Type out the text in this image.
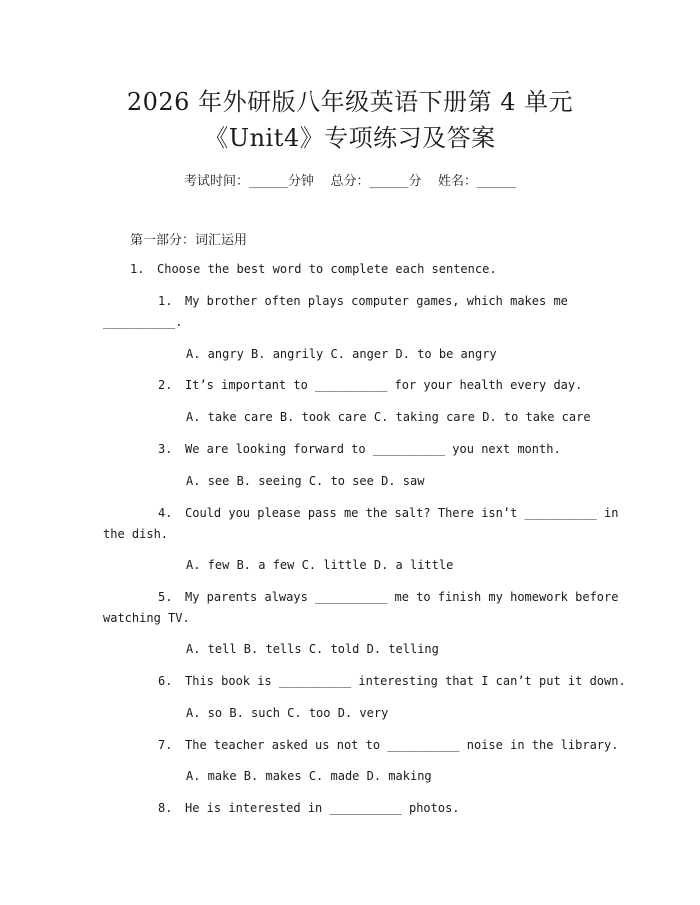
2026 年外研版八年级英语下册第 4 单元
《Unit4》专项练习及答案
考试时间：______分钟    总分：______分    姓名：______
第一部分：词汇运用
1. Choose the best word to complete each sentence.
1. My brother often plays computer games, which makes me
__________.
A. angry B. angrily C. anger D. to be angry
2. It’s important to __________ for your health every day.
A. take care B. took care C. taking care D. to take care
3. We are looking forward to __________ you next month.
A. see B. seeing C. to see D. saw
4. Could you please pass me the salt? There isn’t __________ in
the dish.
A. few B. a few C. little D. a little
5. My parents always __________ me to finish my homework before
watching TV.
A. tell B. tells C. told D. telling
6. This book is __________ interesting that I can’t put it down.
A. so B. such C. too D. very
7. The teacher asked us not to __________ noise in the library.
A. make B. makes C. made D. making
8. He is interested in __________ photos.
